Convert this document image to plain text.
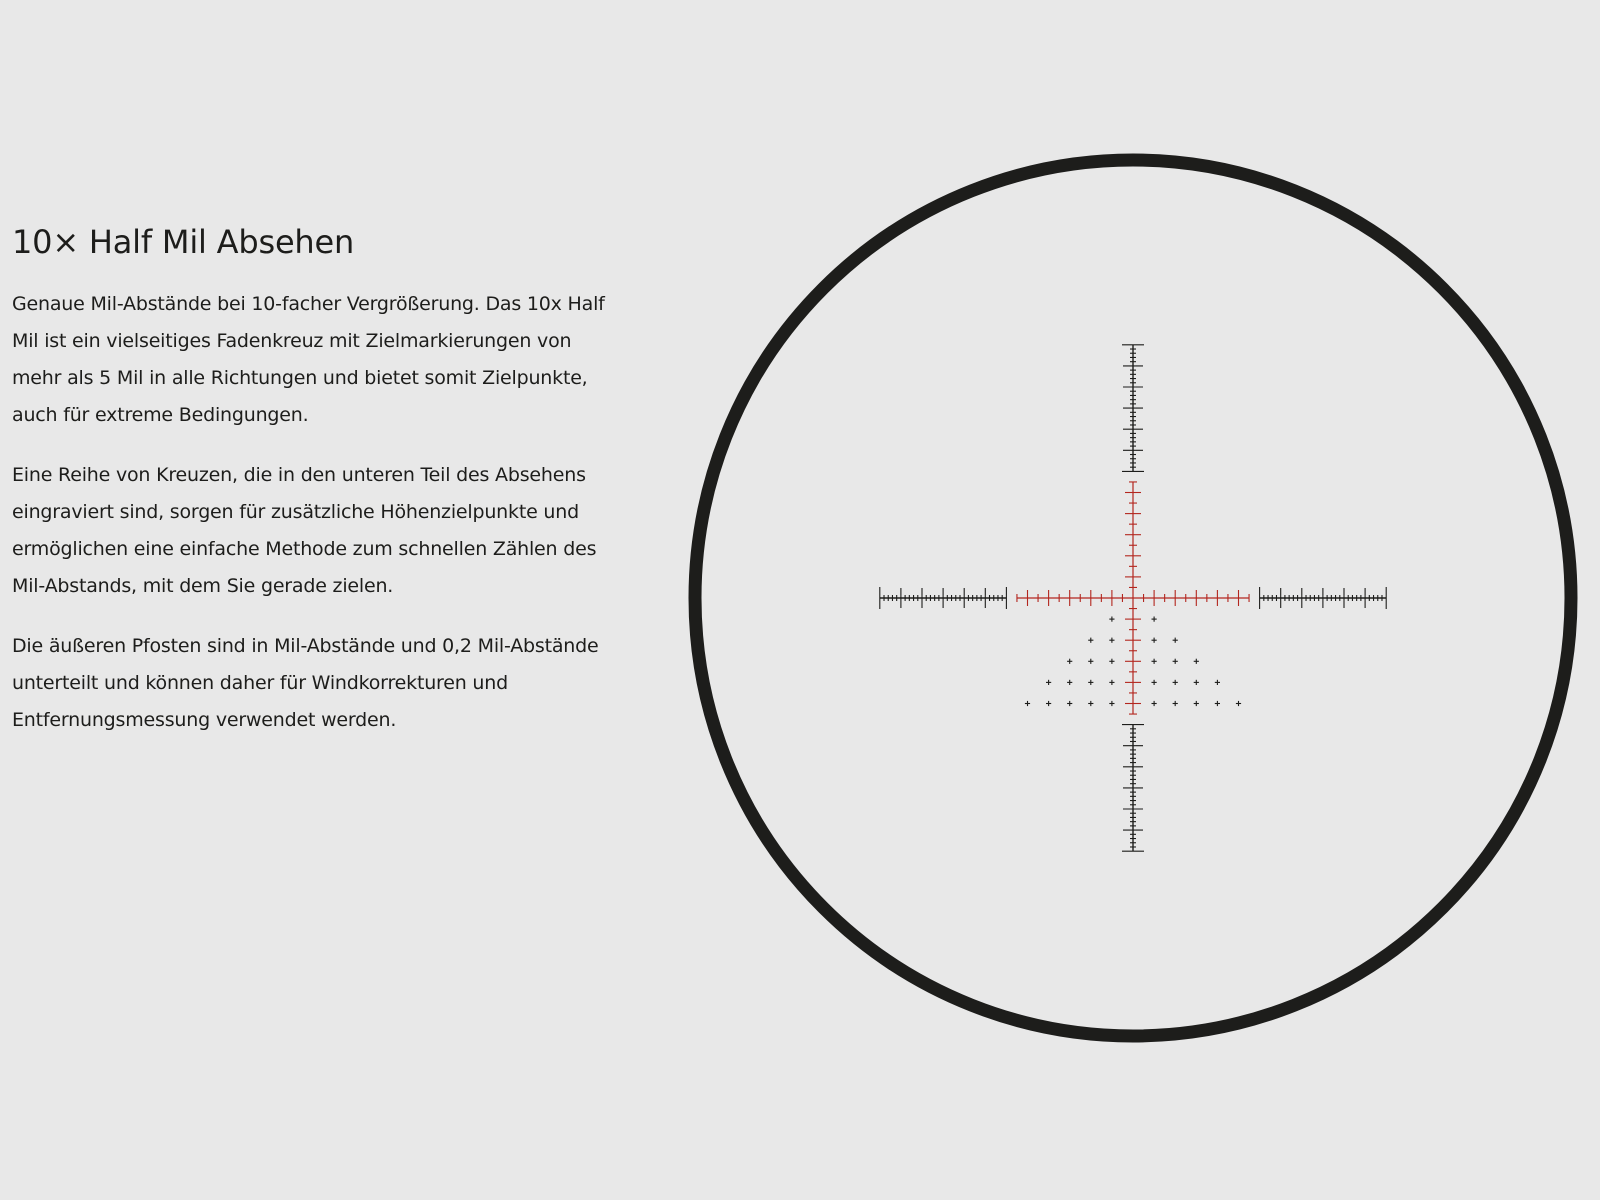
10× Half Mil Absehen

Genaue Mil-Abstände bei 10-facher Vergrößerung. Das 10x Half Mil ist ein vielseitiges Fadenkreuz mit Zielmarkierungen von mehr als 5 Mil in alle Richtungen und bietet somit Zielpunkte, auch für extreme Bedingungen.

Eine Reihe von Kreuzen, die in den unteren Teil des Absehens eingraviert sind, sorgen für zusätzliche Höhenzielpunkte und ermöglichen eine einfache Methode zum schnellen Zählen des Mil-Abstands, mit dem Sie gerade zielen.

Die äußeren Pfosten sind in Mil-Abstände und 0,2 Mil-Abstände unterteilt und können daher für Windkorrekturen und Entfernungsmessung verwendet werden.
